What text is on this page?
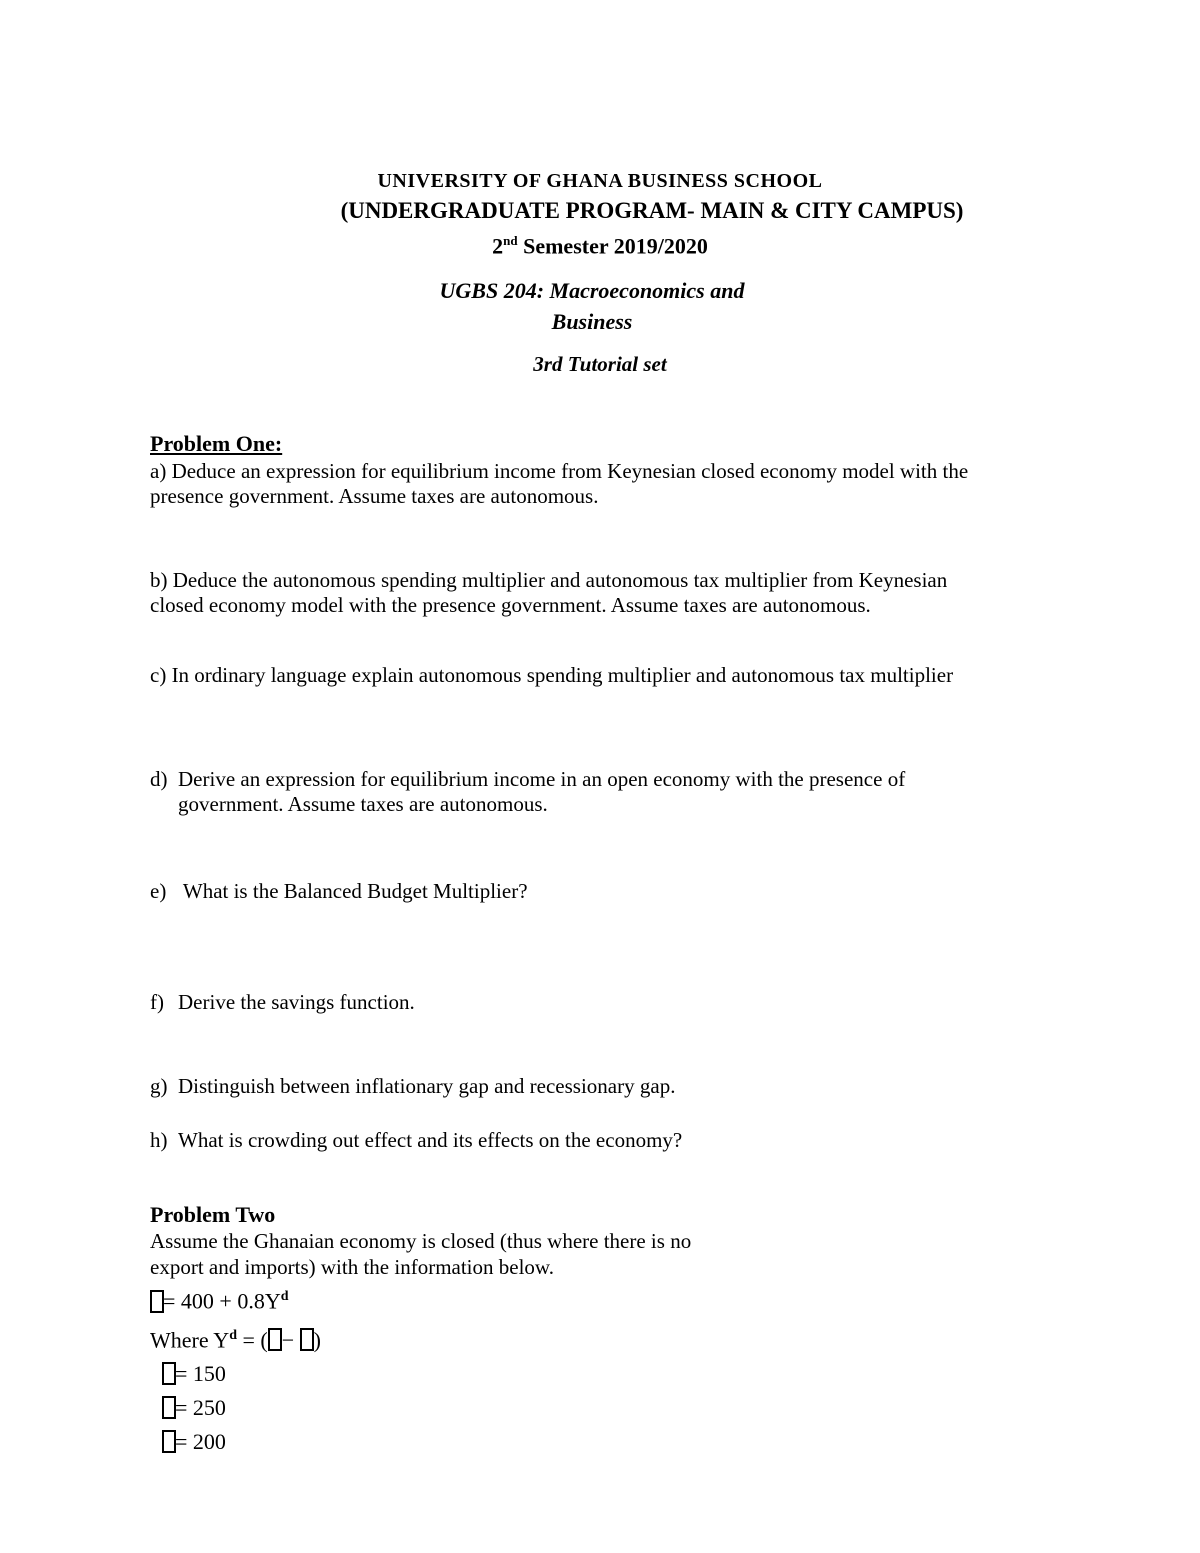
UNIVERSITY OF GHANA BUSINESS SCHOOL
(UNDERGRADUATE PROGRAM- MAIN & CITY CAMPUS)
2nd Semester 2019/2020
UGBS 204: Macroeconomics and
Business
3rd Tutorial set
Problem One:

a) Deduce an expression for equilibrium income from Keynesian closed economy model with the
presence government. Assume taxes are autonomous.

b) Deduce the autonomous spending multiplier and autonomous tax multiplier from Keynesian
closed economy model with the presence government. Assume taxes are autonomous.

c) In ordinary language explain autonomous spending multiplier and autonomous tax multiplier

d) Derive an expression for equilibrium income in an open economy with the presence of
government. Assume taxes are autonomous.
e) What is the Balanced Budget Multiplier?
f) Derive the savings function.
g) Distinguish between inflationary gap and recessionary gap.
h) What is crowding out effect and its effects on the economy?
Problem Two

Assume the Ghanaian economy is closed (thus where there is no
export and imports) with the information below.

= $400 + 0.8Y^d$
Where $Y^d$ = ( − )
= 150
= 250
= 200
